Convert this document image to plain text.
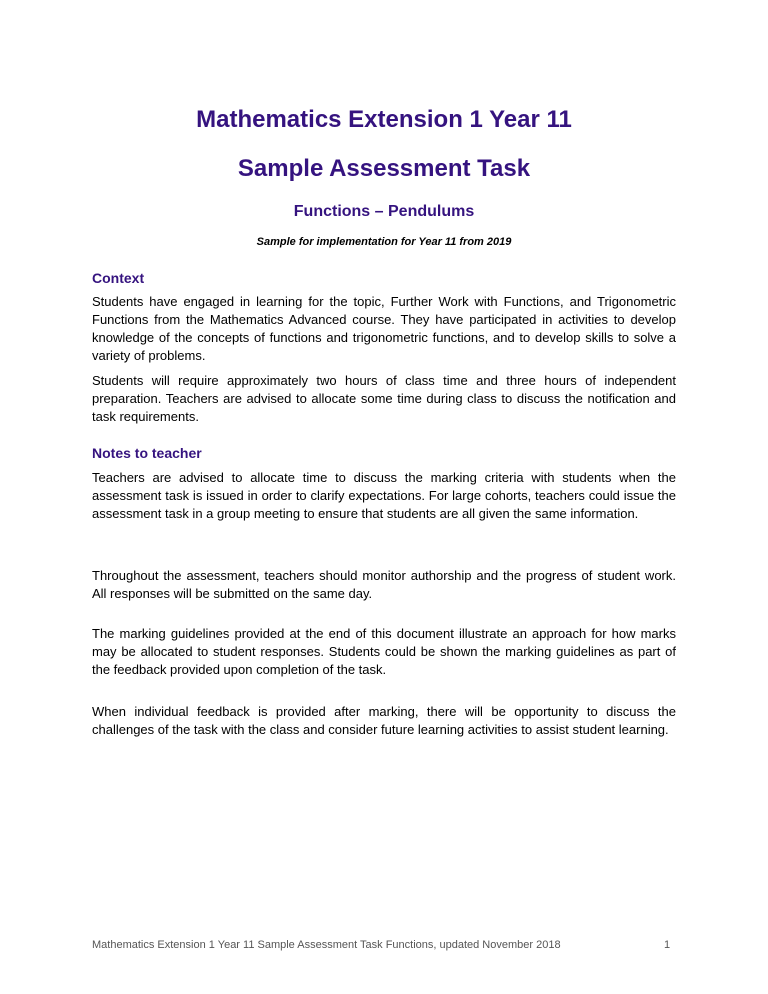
Mathematics Extension 1 Year 11
Sample Assessment Task
Functions – Pendulums

Sample for implementation for Year 11 from 2019

Context

Students have engaged in learning for the topic, Further Work with Functions, and Trigonometric Functions from the Mathematics Advanced course. They have participated in activities to develop knowledge of the concepts of functions and trigonometric functions, and to develop skills to solve a variety of problems.

Students will require approximately two hours of class time and three hours of independent preparation. Teachers are advised to allocate some time during class to discuss the notification and task requirements.

Notes to teacher

Teachers are advised to allocate time to discuss the marking criteria with students when the assessment task is issued in order to clarify expectations. For large cohorts, teachers could issue the assessment task in a group meeting to ensure that students are all given the same information.

Throughout the assessment, teachers should monitor authorship and the progress of student work. All responses will be submitted on the same day.

The marking guidelines provided at the end of this document illustrate an approach for how marks may be allocated to student responses. Students could be shown the marking guidelines as part of the feedback provided upon completion of the task.

When individual feedback is provided after marking, there will be opportunity to discuss the challenges of the task with the class and consider future learning activities to assist student learning.

Mathematics Extension 1 Year 11 Sample Assessment Task Functions, updated November 2018	1
